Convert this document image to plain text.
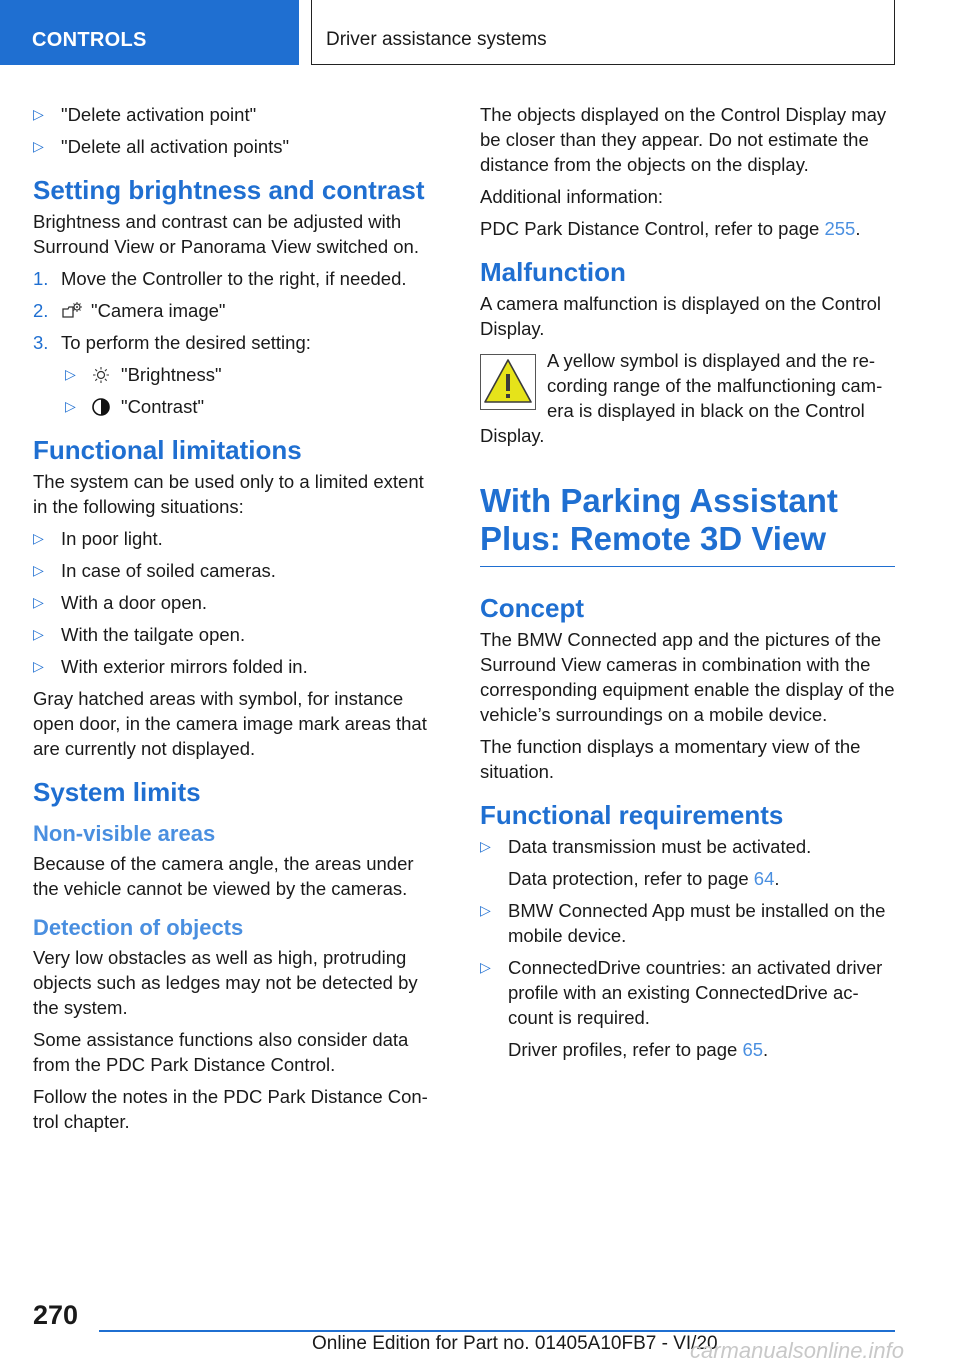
CONTROLS	Driver assistance systems
▷ "Delete activation point"
▷ "Delete all activation points"
Setting brightness and contrast

Brightness and contrast can be adjusted with Surround View or Panorama View switched on.

1. Move the Controller to the right, if needed.
2. "Camera image"
3. To perform the desired setting:
▷ "Brightness"
▷ "Contrast"
Functional limitations

The system can be used only to a limited extent in the following situations:

▷ In poor light.
▷ In case of soiled cameras.
▷ With a door open.
▷ With the tailgate open.
▷ With exterior mirrors folded in.

Gray hatched areas with symbol, for instance open door, in the camera image mark areas that are currently not displayed.

System limits
Non-visible areas

Because of the camera angle, the areas under the vehicle cannot be viewed by the cameras.

Detection of objects

Very low obstacles as well as high, protruding objects such as ledges may not be detected by the system.

Some assistance functions also consider data from the PDC Park Distance Control.

Follow the notes in the PDC Park Distance Con‐trol chapter.

The objects displayed on the Control Display may be closer than they appear. Do not estimate the distance from the objects on the display.

Additional information:

PDC Park Distance Control, refer to page 255.

Malfunction

A camera malfunction is displayed on the Control Display.

A yellow symbol is displayed and the re‐cording range of the malfunctioning cam‐era is displayed in black on the Control

Display.

With Parking Assistant Plus: Remote 3D View
Concept

The BMW Connected app and the pictures of the Surround View cameras in combination with the corresponding equipment enable the display of the vehicle’s surroundings on a mobile device.

The function displays a momentary view of the situation.

Functional requirements
▷ Data transmission must be activated.
Data protection, refer to page 64.
▷ BMW Connected App must be installed on the mobile device.
▷ ConnectedDrive countries: an activated driver profile with an existing ConnectedDrive ac‐count is required.
Driver profiles, refer to page 65.
270
Online Edition for Part no. 01405A10FB7 - VI/20
carmanualsonline.info
